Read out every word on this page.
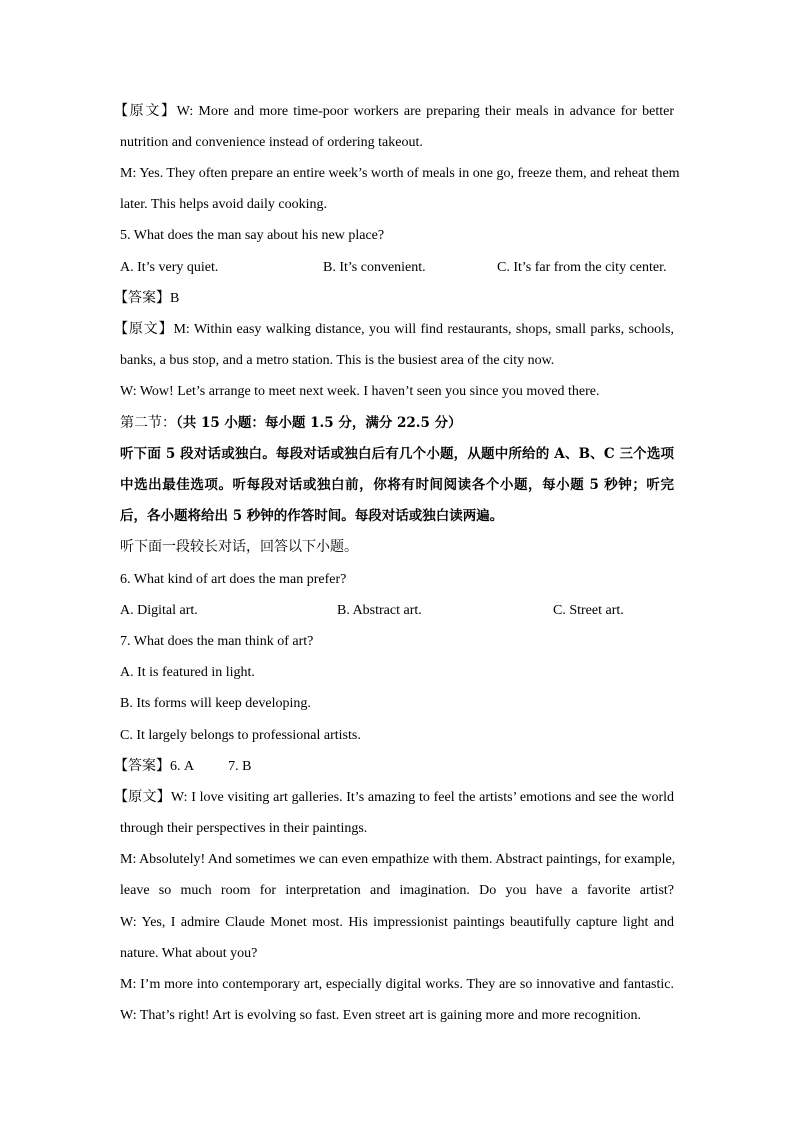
【原文】W: More and more time-poor workers are preparing their meals in advance for better
nutrition and convenience instead of ordering takeout.
M: Yes. They often prepare an entire week’s worth of meals in one go, freeze them, and reheat them
later. This helps avoid daily cooking.
5. What does the man say about his new place?
A. It’s very quiet.	B. It’s convenient.	C. It’s far from the city center.
【答案】B
【原文】M: Within easy walking distance, you will find restaurants, shops, small parks, schools,
banks, a bus stop, and a metro station. This is the busiest area of the city now.
W: Wow! Let’s arrange to meet next week. I haven’t seen you since you moved there.
第二节：（共 15 小题：每小题 1.5 分，满分 22.5 分）
听下面 5 段对话或独白。每段对话或独白后有几个小题，从题中所给的 A、B、C 三个选项
中选出最佳选项。听每段对话或独白前，你将有时间阅读各个小题，每小题 5 秒钟；听完
后，各小题将给出 5 秒钟的作答时间。每段对话或独白读两遍。
听下面一段较长对话，回答以下小题。
6. What kind of art does the man prefer?
A. Digital art.	B. Abstract art.	C. Street art.
7. What does the man think of art?
A. It is featured in light.
B. Its forms will keep developing.
C. It largely belongs to professional artists.
【答案】6. A 7. B
【原文】W: I love visiting art galleries. It’s amazing to feel the artists’ emotions and see the world
through their perspectives in their paintings.
M: Absolutely! And sometimes we can even empathize with them. Abstract paintings, for example,
leave so much room for interpretation and imagination. Do you have a favorite artist?
W: Yes, I admire Claude Monet most. His impressionist paintings beautifully capture light and
nature. What about you?
M: I’m more into contemporary art, especially digital works. They are so innovative and fantastic.
W: That’s right! Art is evolving so fast. Even street art is gaining more and more recognition.
